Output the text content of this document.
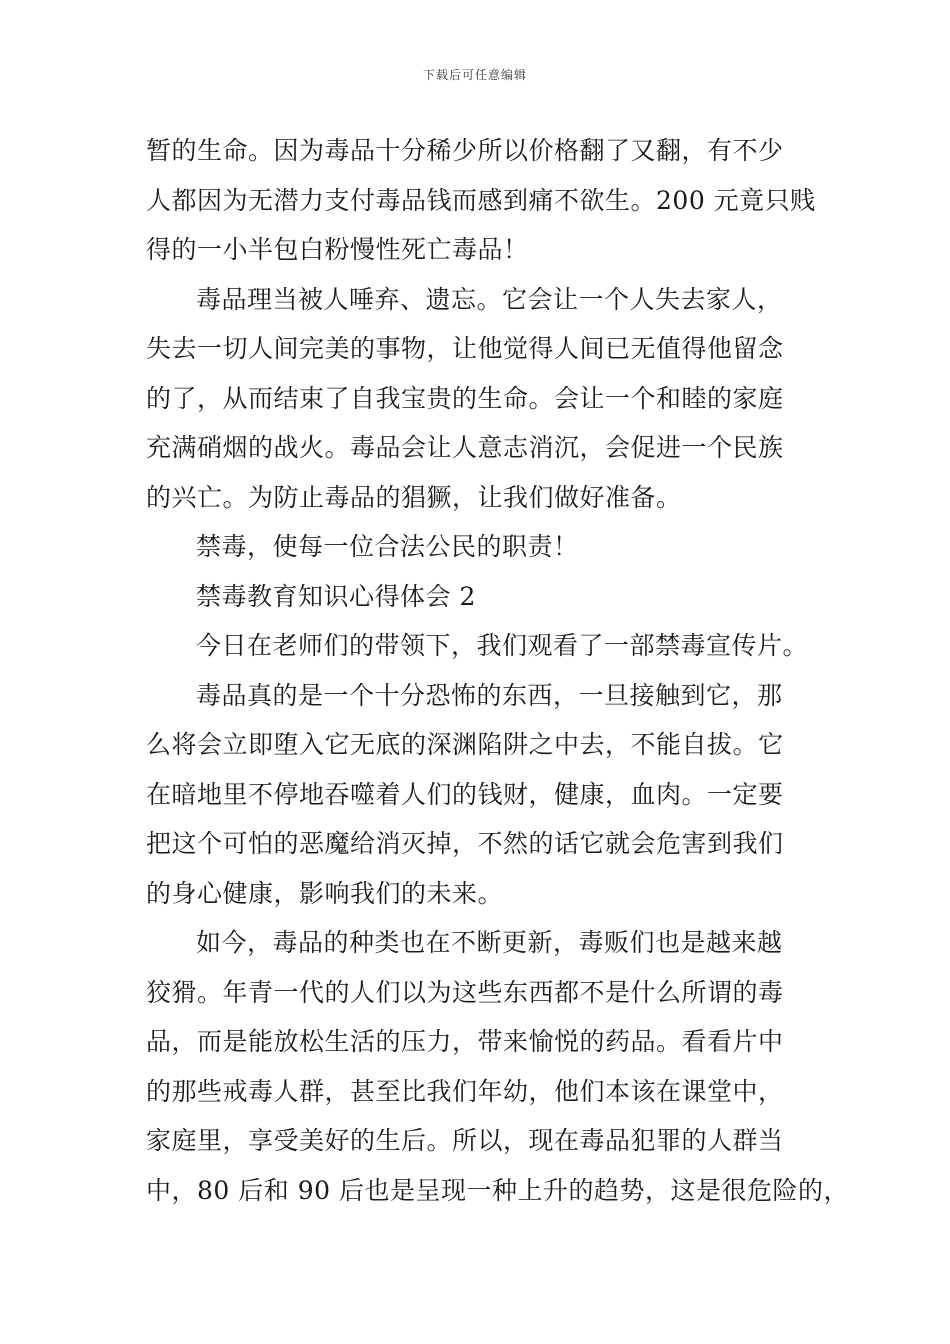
下载后可任意编辑
暂的生命。因为毒品十分稀少所以价格翻了又翻，有不少
人都因为无潜力支付毒品钱而感到痛不欲生。200 元竟只贱
得的一小半包白粉慢性死亡毒品！
毒品理当被人唾弃、遗忘。它会让一个人失去家人，
失去一切人间完美的事物，让他觉得人间已无值得他留念
的了，从而结束了自我宝贵的生命。会让一个和睦的家庭
充满硝烟的战火。毒品会让人意志消沉，会促进一个民族
的兴亡。为防止毒品的猖獗，让我们做好准备。
禁毒，使每一位合法公民的职责！
禁毒教育知识心得体会 2
今日在老师们的带领下，我们观看了一部禁毒宣传片。
毒品真的是一个十分恐怖的东西，一旦接触到它，那
么将会立即堕入它无底的深渊陷阱之中去，不能自拔。它
在暗地里不停地吞噬着人们的钱财，健康，血肉。一定要
把这个可怕的恶魔给消灭掉，不然的话它就会危害到我们
的身心健康，影响我们的未来。
如今，毒品的种类也在不断更新，毒贩们也是越来越
狡猾。年青一代的人们以为这些东西都不是什么所谓的毒
品，而是能放松生活的压力，带来愉悦的药品。看看片中
的那些戒毒人群，甚至比我们年幼，他们本该在课堂中，
家庭里，享受美好的生后。所以，现在毒品犯罪的人群当
中，80 后和 90 后也是呈现一种上升的趋势，这是很危险的，
